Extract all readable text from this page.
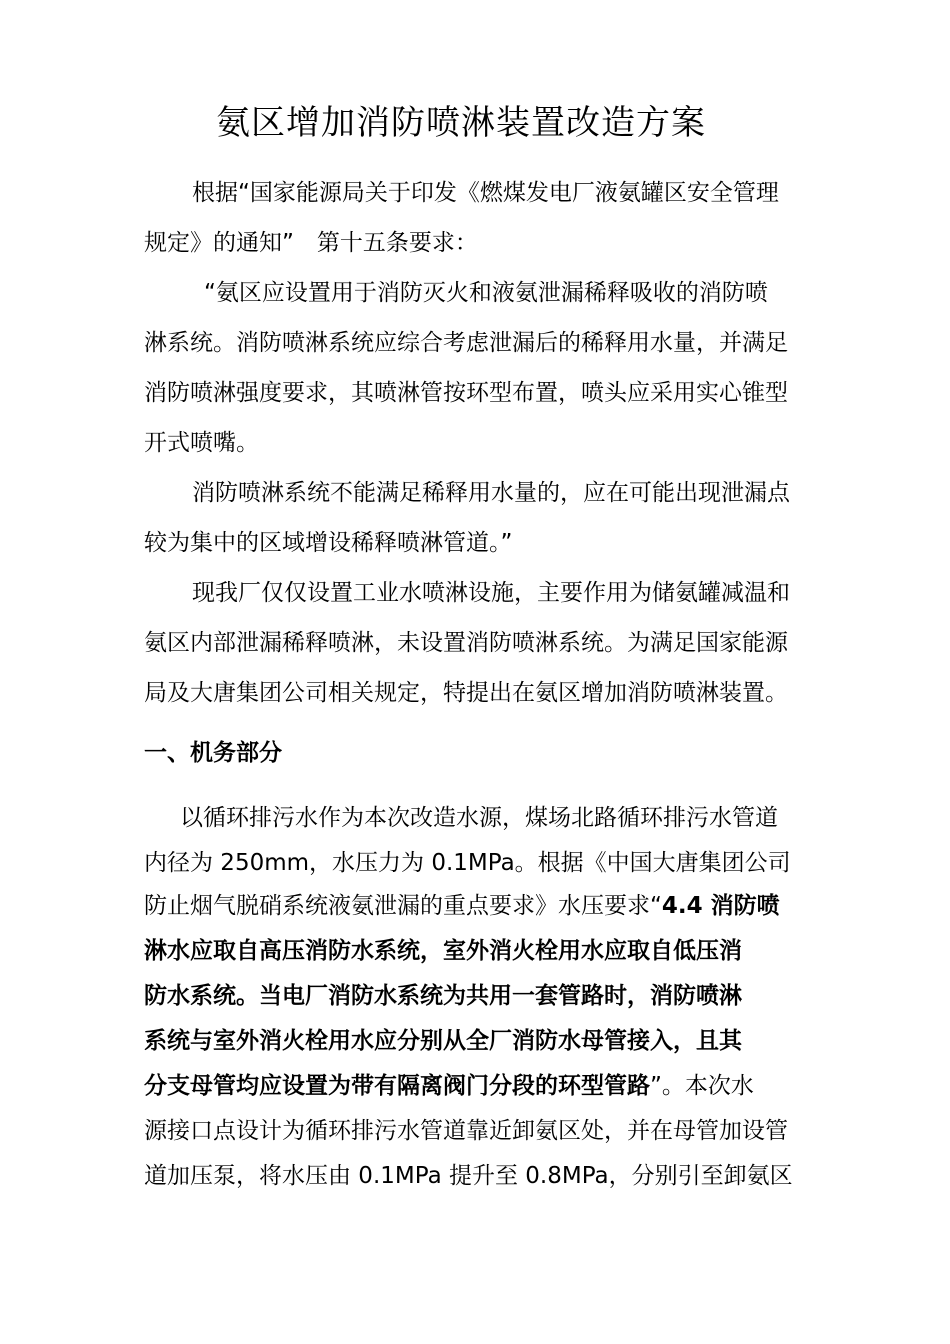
氨区增加消防喷淋装置改造方案

根据“国家能源局关于印发《燃煤发电厂液氨罐区安全管理

规定》的通知”　第十五条要求：

“氨区应设置用于消防灭火和液氨泄漏稀释吸收的消防喷

淋系统。消防喷淋系统应综合考虑泄漏后的稀释用水量，并满足

消防喷淋强度要求，其喷淋管按环型布置，喷头应采用实心锥型

开式喷嘴。

消防喷淋系统不能满足稀释用水量的，应在可能出现泄漏点

较为集中的区域增设稀释喷淋管道。”

现我厂仅仅设置工业水喷淋设施，主要作用为储氨罐减温和

氨区内部泄漏稀释喷淋，未设置消防喷淋系统。为满足国家能源

局及大唐集团公司相关规定，特提出在氨区增加消防喷淋装置。

一、机务部分

以循环排污水作为本次改造水源，煤场北路循环排污水管道

内径为 250mm，水压力为 0.1MPa。根据《中国大唐集团公司

防止烟气脱硝系统液氨泄漏的重点要求》水压要求“4.4 消防喷

淋水应取自高压消防水系统，室外消火栓用水应取自低压消

防水系统。当电厂消防水系统为共用一套管路时，消防喷淋

系统与室外消火栓用水应分别从全厂消防水母管接入，且其

分支母管均应设置为带有隔离阀门分段的环型管路”。本次水

源接口点设计为循环排污水管道靠近卸氨区处，并在母管加设管

道加压泵，将水压由 0.1MPa 提升至 0.8MPa，分别引至卸氨区
